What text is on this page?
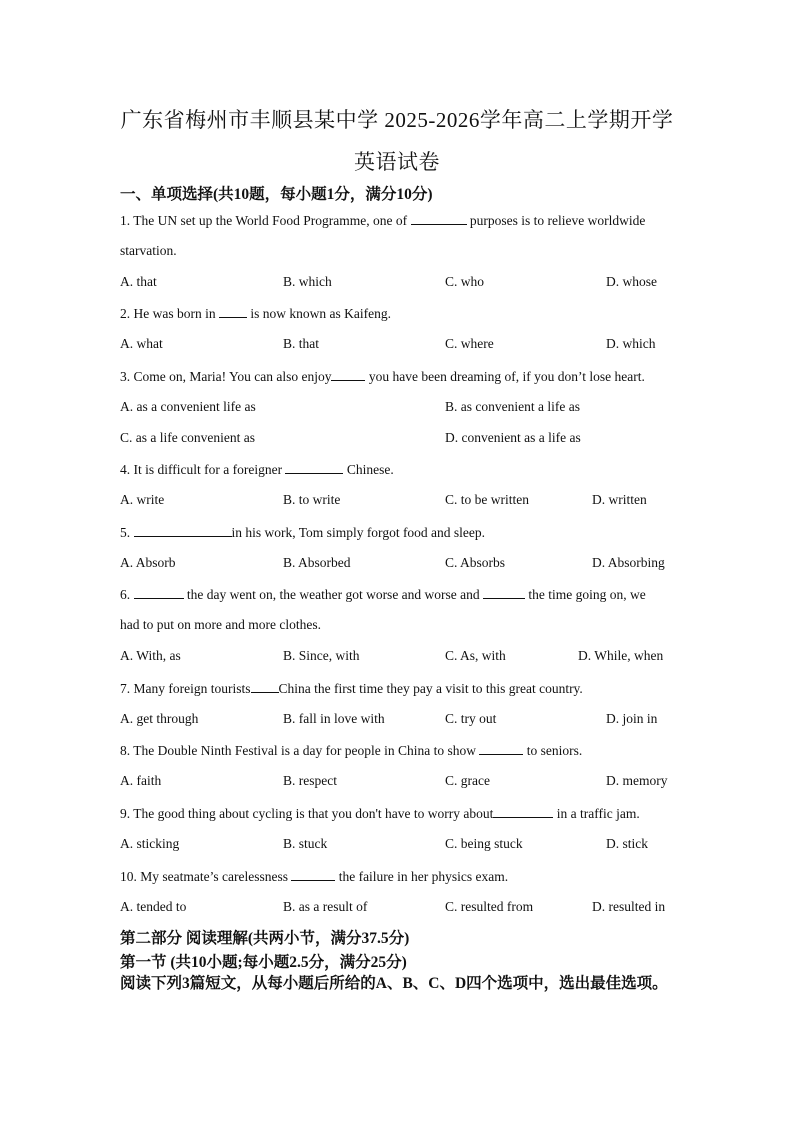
广东省梅州市丰顺县某中学 2025-2026学年高二上学期开学
英语试卷
一、单项选择(共10题，每小题1分，满分10分)
1. The UN set up the World Food Programme, one of	purposes is to relieve worldwide
starvation.
A. that	B. which	C. who	D. whose
2. He was born in  is now known as Kaifeng.
A. what	B. that	C. where	D. which
3. Come on, Maria! You can also enjoy	you have been dreaming of, if you don’t lose heart.
A. as a convenient life as	B. as convenient a life as
C. as a life convenient as	D. convenient as a life as
4. It is difficult for a foreigner	Chinese.
A. write	B. to write	C. to be written	D. written
5.	in his work, Tom simply forgot food and sleep.
A. Absorb	B. Absorbed	C. Absorbs	D. Absorbing
6.	the day went on, the weather got worse and worse and	the time going on, we
had to put on more and more clothes.
A. With, as	B. Since, with	C. As, with	D. While, when
7. Many foreign tourists China the first time they pay a visit to this great country.
A. get through	B. fall in love with	C. try out	D. join in
8. The Double Ninth Festival is a day for people in China to show	to seniors.
A. faith	B. respect	C. grace	D. memory
9. The good thing about cycling is that you don't have to worry about	in a traffic jam.
A. sticking	B. stuck	C. being stuck	D. stick
10. My seatmate’s carelessness	the failure in her physics exam.
A. tended to	B. as a result of	C. resulted from	D. resulted in
第二部分 阅读理解(共两小节，满分37.5分)
第一节 (共10小题;每小题2.5分，满分25分)
阅读下列3篇短文，从每小题后所给的A、B、C、D四个选项中，选出最佳选项。
